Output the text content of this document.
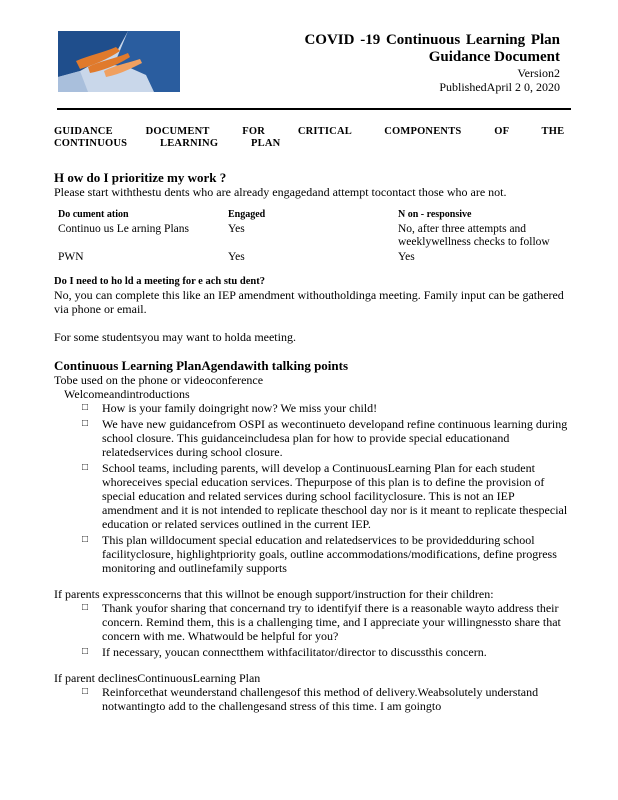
COVID -19 Continuous Learning Plan
Guidance Document
Version2
PublishedApril 2 0, 2020
GUIDANCE DOCUMENT FOR CRITICAL COMPONENTS OF THE CONTINUOUS LEARNING PLAN
H ow do I prioritize my work ?
Please start withthestu dents who are already engagedand attempt tocontact those who are not.
Do cument ation	Engaged	N on - responsive
Continuo us Le arning Plans	Yes	No, after three attempts and weeklywellness checks to follow
PWN	Yes	Yes
Do I need to ho ld a meeting for e ach stu dent?
No, you can complete this like an IEP amendment withoutholdinga meeting. Family input can be gathered via phone or email.
For some studentsyou may want to holda meeting.
Continuous Learning PlanAgendawith talking points
Tobe used on the phone or videoconference
Welcomeandintroductions
□ How is your family doingright now? We miss your child!
□ We have new guidancefrom OSPI as wecontinueto developand refine continuous learning during school closure. This guidanceincludesa plan for how to provide special educationand relatedservices during school closure.
□ School teams, including parents, will develop a ContinuousLearning Plan for each student whoreceives special education services. Thepurpose of this plan is to define the provision of special education and related services during school facilityclosure. This is not an IEP amendment and it is not intended to replicate theschool day nor is it meant to replicate thespecial education or related services outlined in the current IEP.
□ This plan willdocument special education and relatedservices to be providedduring school facilityclosure, highlightpriority goals, outline accommodations/modifications, define progress monitoring and outlinefamily supports
If parents expressconcerns that this willnot be enough support/instruction for their children:
□ Thank youfor sharing that concernand try to identifyif there is a reasonable wayto address their concern. Remind them, this is a challenging time, and I appreciate your willingnessto share that concern with me. Whatwould be helpful for you?
□ If necessary, youcan connectthem withfacilitator/director to discussthis concern.
If parent declinesContinuousLearning Plan
□ Reinforcethat weunderstand challengesof this method of delivery.Weabsolutely understand notwantingto add to the challengesand stress of this time. I am goingto
